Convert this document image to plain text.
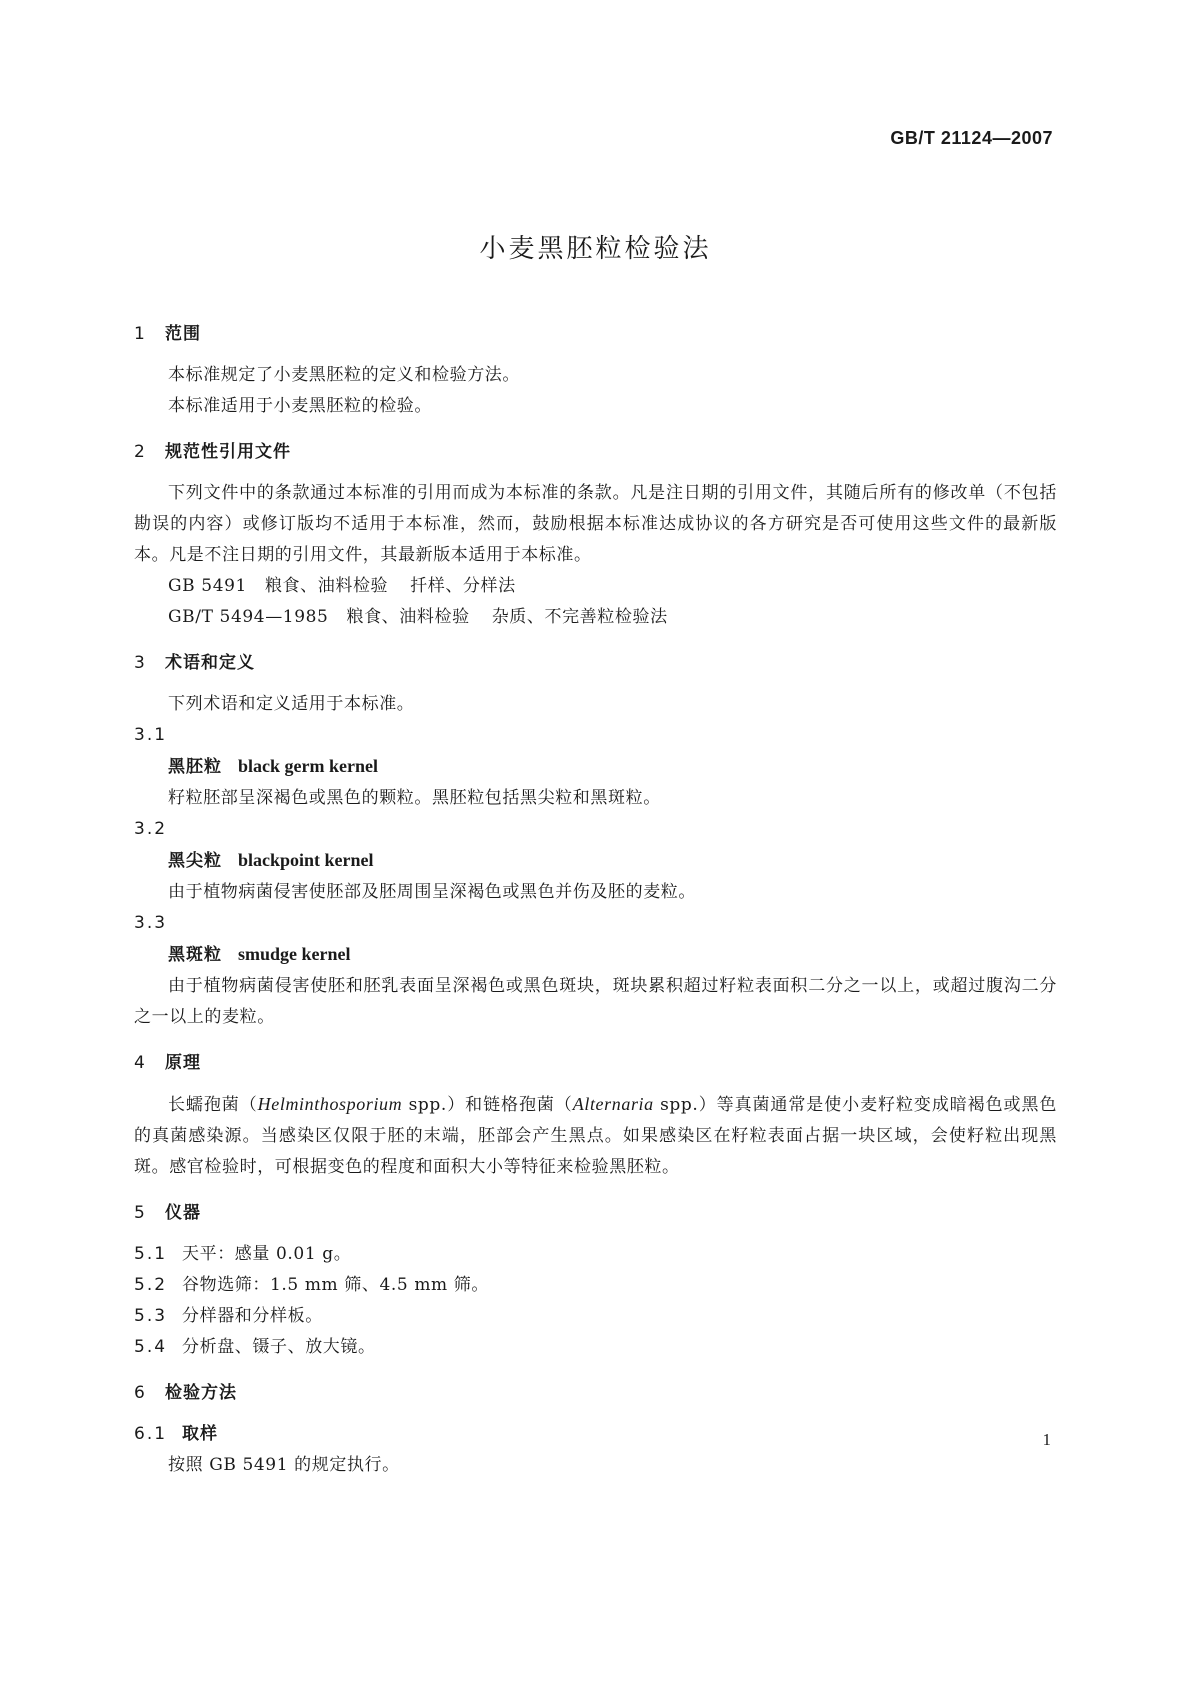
GB/T 21124—2007
小麦黑胚粒检验法
1 范围
本标准规定了小麦黑胚粒的定义和检验方法。
本标准适用于小麦黑胚粒的检验。
2 规范性引用文件
下列文件中的条款通过本标准的引用而成为本标准的条款。凡是注日期的引用文件，其随后所有的修改单（不包括勘误的内容）或修订版均不适用于本标准，然而，鼓励根据本标准达成协议的各方研究是否可使用这些文件的最新版本。凡是不注日期的引用文件，其最新版本适用于本标准。
GB 5491 粮食、油料检验 扦样、分样法
GB/T 5494—1985 粮食、油料检验 杂质、不完善粒检验法
3 术语和定义
下列术语和定义适用于本标准。
3.1
黑胚粒 black germ kernel
籽粒胚部呈深褐色或黑色的颗粒。黑胚粒包括黑尖粒和黑斑粒。
3.2
黑尖粒 blackpoint kernel
由于植物病菌侵害使胚部及胚周围呈深褐色或黑色并伤及胚的麦粒。
3.3
黑斑粒 smudge kernel
由于植物病菌侵害使胚和胚乳表面呈深褐色或黑色斑块，斑块累积超过籽粒表面积二分之一以上，或超过腹沟二分之一以上的麦粒。
4 原理
长蠕孢菌（Helminthosporium spp.）和链格孢菌（Alternaria spp.）等真菌通常是使小麦籽粒变成暗褐色或黑色的真菌感染源。当感染区仅限于胚的末端，胚部会产生黑点。如果感染区在籽粒表面占据一块区域，会使籽粒出现黑斑。感官检验时，可根据变色的程度和面积大小等特征来检验黑胚粒。
5 仪器
5.1 天平：感量 0.01 g。
5.2 谷物选筛：1.5 mm 筛、4.5 mm 筛。
5.3 分样器和分样板。
5.4 分析盘、镊子、放大镜。
6 检验方法
6.1 取样
按照 GB 5491 的规定执行。
1
